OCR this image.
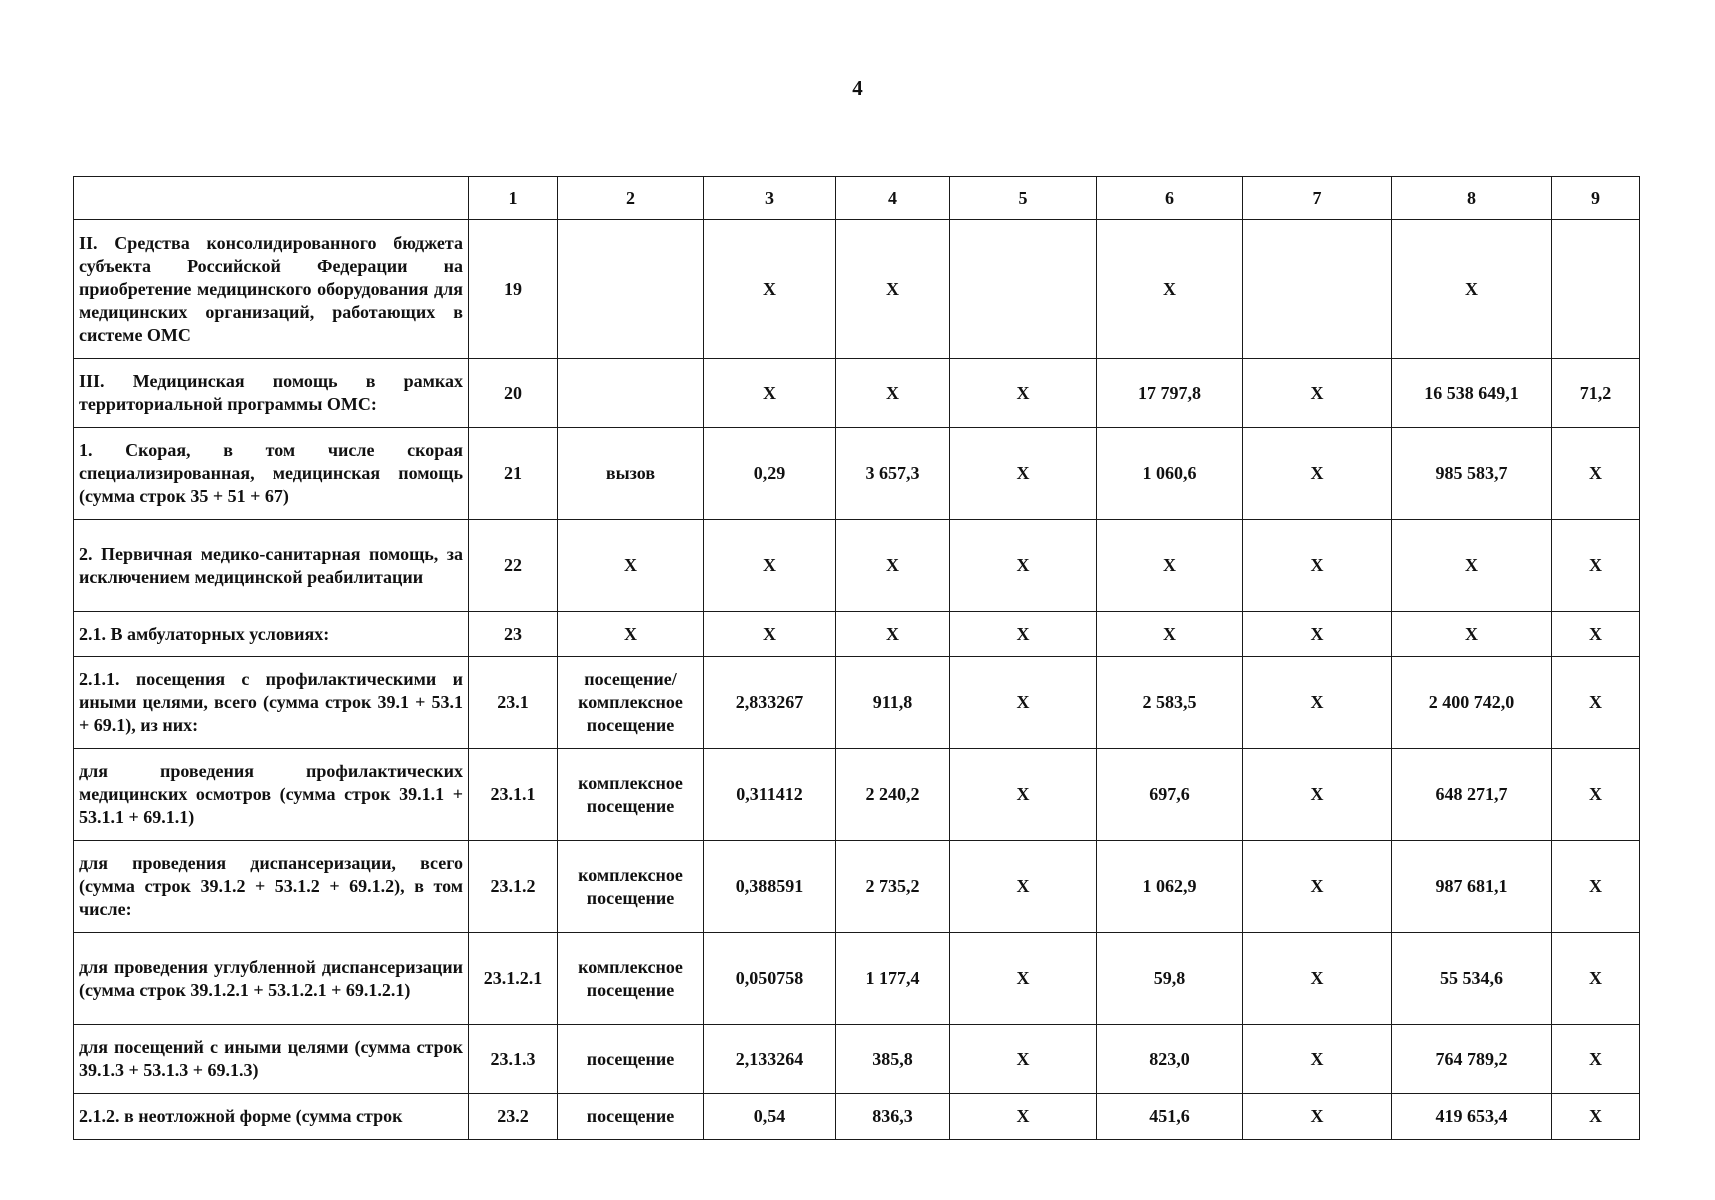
4
	1	2	3	4	5	6	7	8	9
II. Средства консолидированного бюджета субъекта Российской Федерации на приобретение медицинского оборудования для медицинских организаций, работающих в системе ОМС	19		X	X		X		X	
III. Медицинская помощь в рамках территориальной программы ОМС:	20		X	X	X	17 797,8	X	16 538 649,1	71,2
1. Скорая, в том числе скорая специализированная, медицинская помощь (сумма строк 35 + 51 + 67)	21	вызов	0,29	3 657,3	X	1 060,6	X	985 583,7	X
2. Первичная медико-санитарная помощь, за исключением медицинской реабилитации	22	X	X	X	X	X	X	X	X
2.1. В амбулаторных условиях:	23	X	X	X	X	X	X	X	X
2.1.1. посещения с профилактическими и иными целями, всего (сумма строк 39.1 + 53.1 + 69.1), из них:	23.1	посещение/ комплексное посещение	2,833267	911,8	X	2 583,5	X	2 400 742,0	X
для проведения профилактических медицинских осмотров (сумма строк 39.1.1 + 53.1.1 + 69.1.1)	23.1.1	комплексное посещение	0,311412	2 240,2	X	697,6	X	648 271,7	X
для проведения диспансеризации, всего (сумма строк 39.1.2 + 53.1.2 + 69.1.2), в том числе:	23.1.2	комплексное посещение	0,388591	2 735,2	X	1 062,9	X	987 681,1	X
для проведения углубленной диспансеризации (сумма строк 39.1.2.1 + 53.1.2.1 + 69.1.2.1)	23.1.2.1	комплексное посещение	0,050758	1 177,4	X	59,8	X	55 534,6	X
для посещений с иными целями (сумма строк 39.1.3 + 53.1.3 + 69.1.3)	23.1.3	посещение	2,133264	385,8	X	823,0	X	764 789,2	X
2.1.2. в неотложной форме (сумма строк	23.2	посещение	0,54	836,3	X	451,6	X	419 653,4	X
